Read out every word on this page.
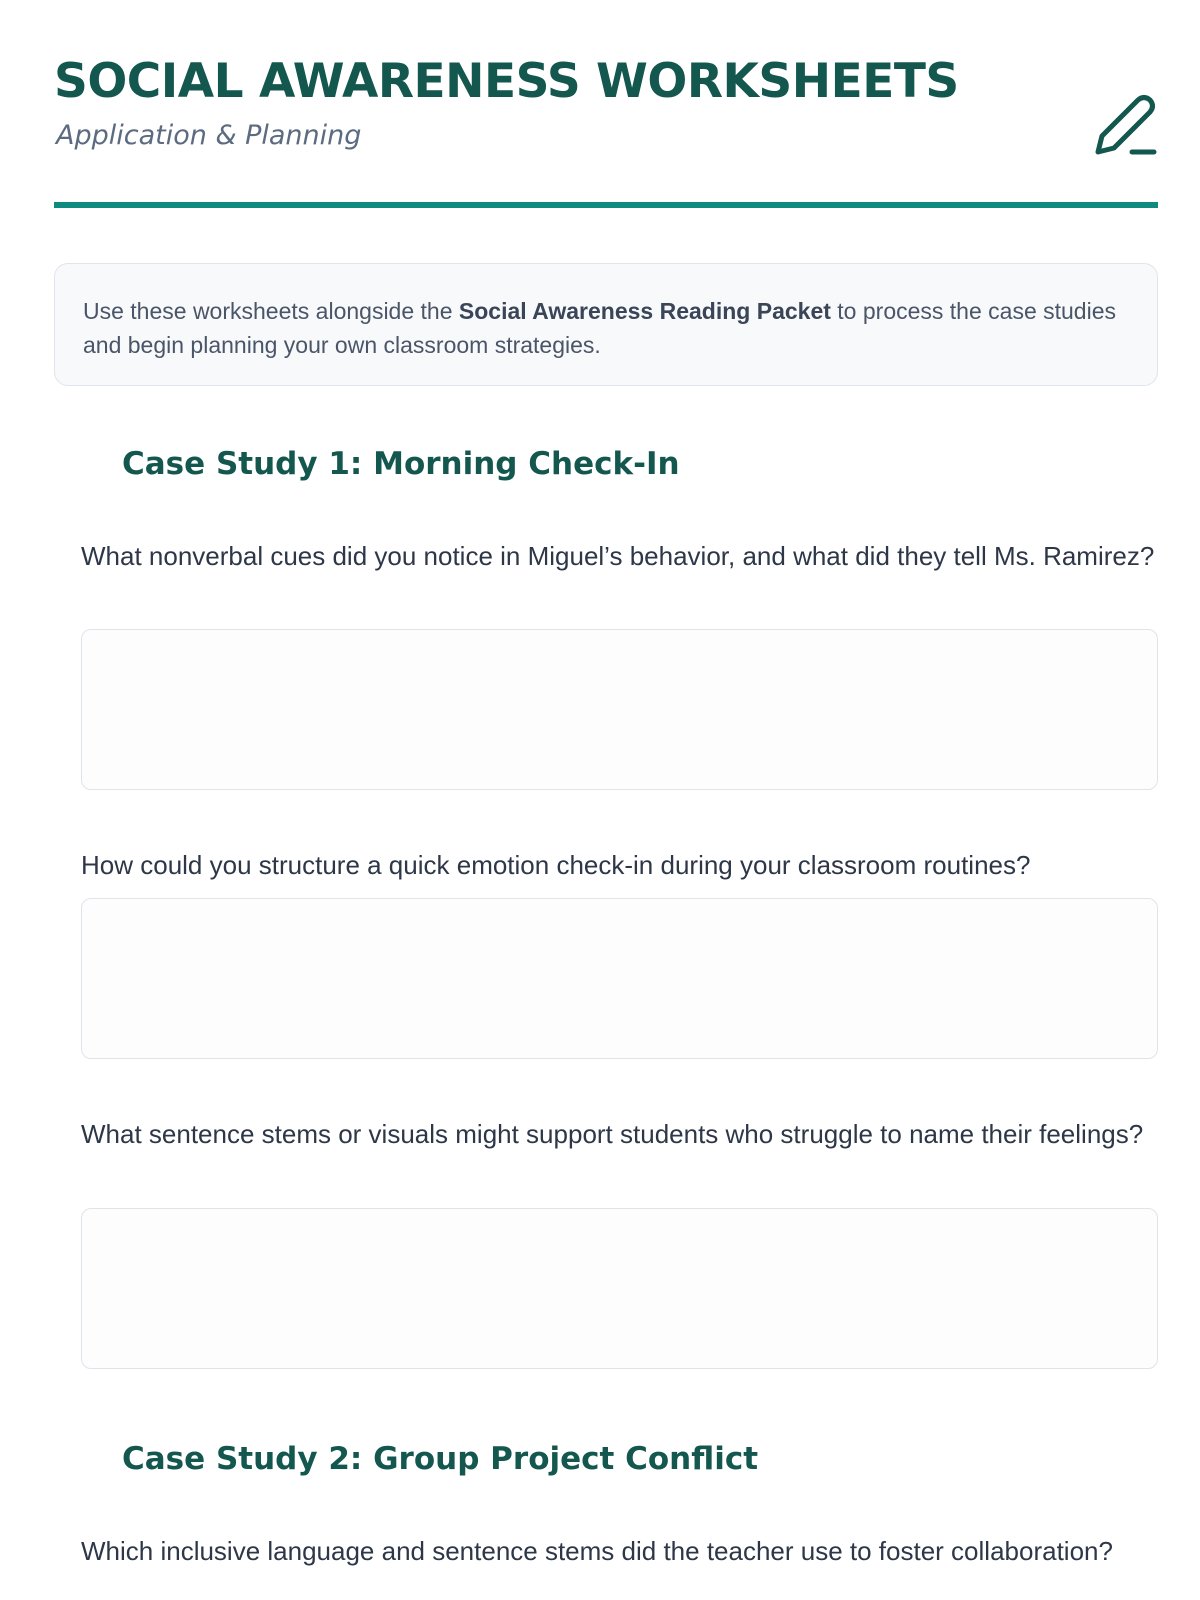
SOCIAL AWARENESS WORKSHEETS
Application & Planning
Use these worksheets alongside the Social Awareness Reading Packet to process the case studies and begin planning your own classroom strategies.
Case Study 1: Morning Check-In
What nonverbal cues did you notice in Miguel’s behavior, and what did they tell Ms. Ramirez?
How could you structure a quick emotion check-in during your classroom routines?
What sentence stems or visuals might support students who struggle to name their feelings?
Case Study 2: Group Project Conflict
Which inclusive language and sentence stems did the teacher use to foster collaboration?
